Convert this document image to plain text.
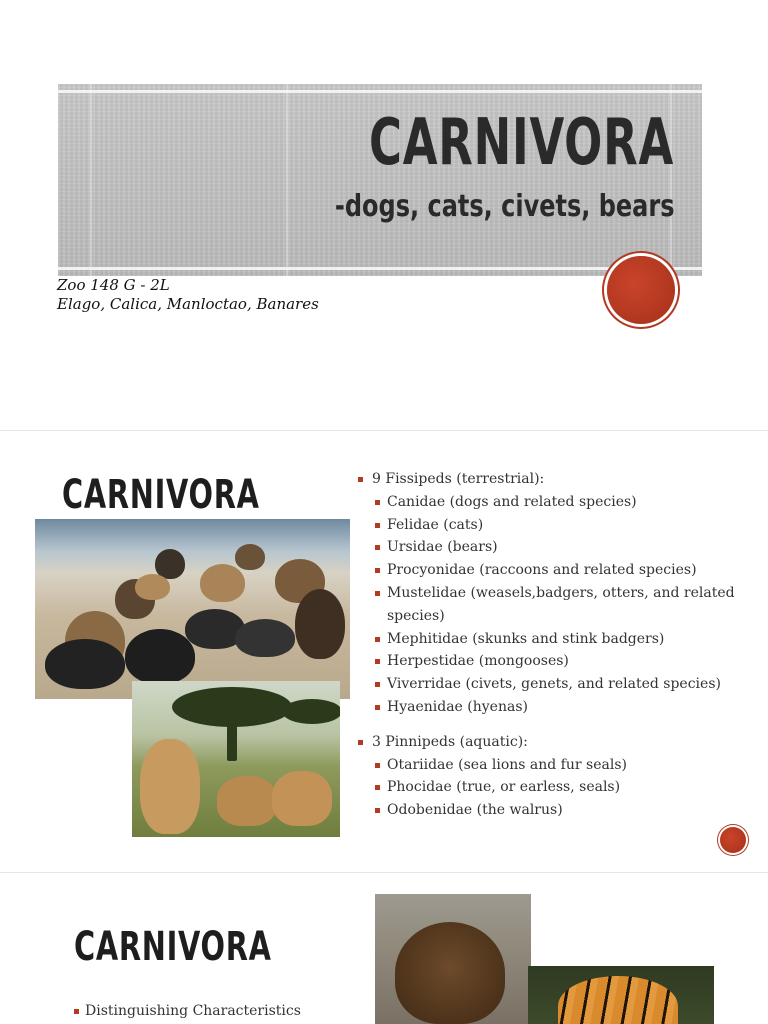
CARNIVORA
-dogs, cats, civets, bears
Zoo 148 G - 2L
Elago, Calica, Manloctao, Banares
CARNIVORA	9 Fissipeds (terrestrial):
Canidae (dogs and related species)
Felidae (cats)
Ursidae (bears)
Procyonidae (raccoons and related species)
Mustelidae (weasels,badgers, otters, and related species)
Mephitidae (skunks and stink badgers)
Herpestidae (mongooses)
Viverridae (civets, genets, and related species)
Hyaenidae (hyenas)
3 Pinnipeds (aquatic):
Otariidae (sea lions and fur seals)
Phocidae (true, or earless, seals)
Odobenidae (the walrus)
CARNIVORA
Distinguishing Characteristics
